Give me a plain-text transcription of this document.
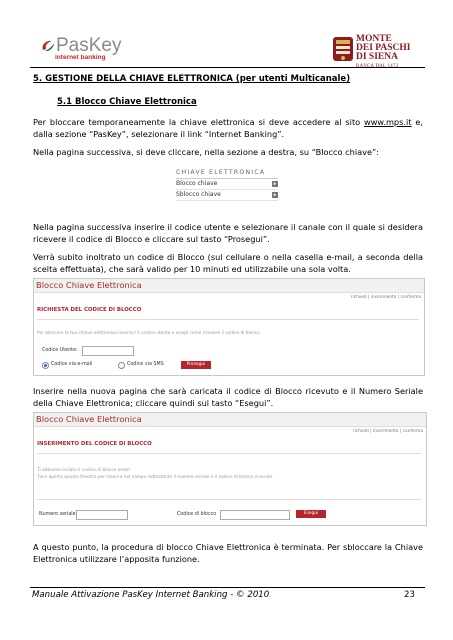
PasKey
internet banking
MONTE
DEI PASCHI
DI SIENA
BANCA DAL 1472
5. GESTIONE DELLA CHIAVE ELETTRONICA (per utenti Multicanale)
5.1 Blocco Chiave Elettronica

Per bloccare temporaneamente la chiave elettronica si deve accedere al sito www.mps.it e, dalla sezione “PasKey”, selezionare il link “Internet Banking”.

Nella pagina successiva, si deve cliccare, nella sezione a destra, su “Blocco chiave”:

CHIAVE ELETTRONICA
Blocco chiave	▸
Sblocco chiave	▸

Nella pagina successiva inserire il codice utente e selezionare il canale con il quale si desidera ricevere il codice di Blocco e cliccare sul tasto “Prosegui”.

Verrà subito inoltrato un codice di Blocco (sul cellulare o nella casella e-mail, a seconda della scelta effettuata), che sarà valido per 10 minuti ed utilizzabile una sola volta.

Blocco Chiave Elettronica
richiedi | inserimento | conferma
RICHIESTA DEL CODICE DI BLOCCO
Per bloccare la tua chiave elettronica inserisci il codice utente e scegli come ricevere il codice di blocco.
Codice Utente:
Codice via e-mail	Codice via SMS	Prosegui

Inserire nella nuova pagina che sarà caricata il codice di Blocco ricevuto e il Numero Seriale della Chiave Elettronica; cliccare quindi sul tasto “Esegui”.

Blocco Chiave Elettronica
richiedi | inserimento | conferma
INSERIMENTO DEL CODICE DI BLOCCO
Ti abbiamo inviato il codice di blocco email.
Tieni aperta questa finestra per inserire nel campo sottostante il numero seriale e il codice di blocco ricevuto.
Numero seriale	Codice di blocco	Esegui

A questo punto, la procedura di blocco Chiave Elettronica è terminata. Per sbloccare la Chiave Elettronica utilizzare l’apposita funzione.

Manuale Attivazione PasKey Internet Banking - © 2010	23
